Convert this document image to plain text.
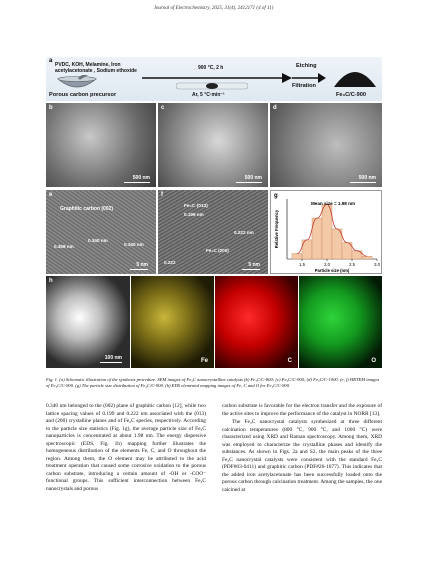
Journal of Electrochemistry, 2025, 31(4), 2412171 (4 of 11)
a
PVDC, KOH, Melamine, Iron
acetylacetonate , Sodium ethoxide
Porous carbon precursor
900 °C, 2 h
Ar, 5 °C·min⁻¹
Etching
Filtration
Fe₃C/C-900
b
500 nm
c
500 nm
d
500 nm
e
Graphitic carbon (002)
0.358 nm
0.340 nm
0.340 nm
5 nm
f
Fe₃C (013)
0.199 nm
0.222 nm
Fe₃C (200)
0.222	5 nm
g
1.5	2.0	2.5	3.0
Particle size (nm)
Relative Frequency
Mean size = 1.98 nm
h
100 nm	Fe	C	O
Fig. 1. (a) Schematic illustration of the synthesis procedure. SEM images of Fe₃C nanocrystalline catalysts (b) Fe₃C/C-800; (c) Fe₃C/C-900; (d) Fe₃C/C-1000. (e, f) HRTEM images of Fe₃C/C-900. (g) The particle size distribution of Fe₃C/C-900. (h) EDS elemental mapping images of Fe, C and O for Fe₃C/C-900.

0.340 nm belonged to the (002) plane of graphitic carbon [12], while two lattice spacing values of 0.199 and 0.222 nm associated with the (013) and (200) crystalline planes and of Fe₃C species, respectively. According to the particle size statistics (Fig. 1g), the average particle size of Fe₃C nanoparticles is concentrated at about 1.98 nm. The energy dispersive spectroscopic (EDS, Fig. 1h) mapping further illustrates the homogeneous distribution of the elements Fe, C, and O throughout the region. Among them, the O element may be attributed to the acid treatment operation that caused some corrosive oxidation to the porous carbon substrate, introducing a certain amount of -OH or -COO⁻ functional groups. This sufficient interconnection between Fe₃C nanocrystals and porous

carbon substrate is favorable for the electron transfer and the exposure of the active sites to improve the performance of the catalyst in NORR [13].

The Fe₃C nanocrystal catalysts synthesized at three different calcination temperatures (800 °C, 900 °C, and 1000 °C) were characterized using XRD and Raman spectroscopy. Among them, XRD was employed to characterize the crystalline phases and identify the substances. As shown in Figs. 2a and S2, the main peaks of the three Fe₃C nanocrystal catalysts were consistent with the standard Fe₃C (PDF#03-0411) and graphitic carbon (PDF#26-1077). This indicates that the added iron acetylacetonate has been successfully loaded onto the porous carbon through calcination treatment. Among the samples, the one calcined at
